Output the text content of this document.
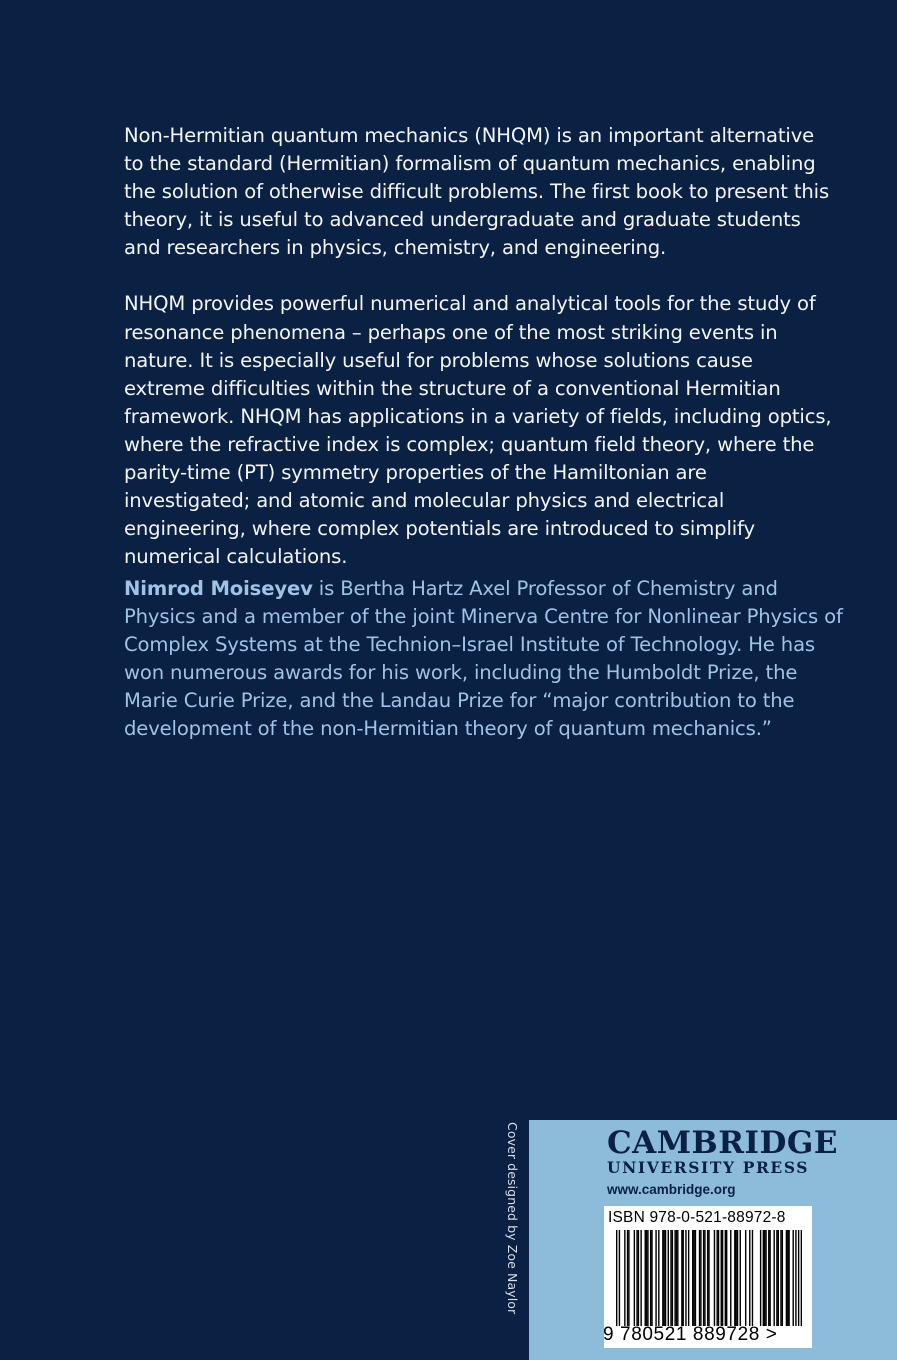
Non-Hermitian quantum mechanics (NHQM) is an important alternative to the standard (Hermitian) formalism of quantum mechanics, enabling the solution of otherwise difficult problems. The first book to present this theory, it is useful to advanced undergraduate and graduate students and researchers in physics, chemistry, and engineering.

NHQM provides powerful numerical and analytical tools for the study of resonance phenomena – perhaps one of the most striking events in nature. It is especially useful for problems whose solutions cause extreme difficulties within the structure of a conventional Hermitian framework. NHQM has applications in a variety of fields, including optics, where the refractive index is complex; quantum field theory, where the parity-time (PT) symmetry properties of the Hamiltonian are investigated; and atomic and molecular physics and electrical engineering, where complex potentials are introduced to simplify numerical calculations.

Nimrod Moiseyev is Bertha Hartz Axel Professor of Chemistry and Physics and a member of the joint Minerva Centre for Nonlinear Physics of Complex Systems at the Technion–Israel Institute of Technology. He has won numerous awards for his work, including the Humboldt Prize, the Marie Curie Prize, and the Landau Prize for “major contribution to the development of the non-Hermitian theory of quantum mechanics.”

Cover designed by Zoe Naylor	CAMBRIDGE
UNIVERSITY PRESS
www.cambridge.org
ISBN 978-0-521-88972-8
9 780521 889728 >
